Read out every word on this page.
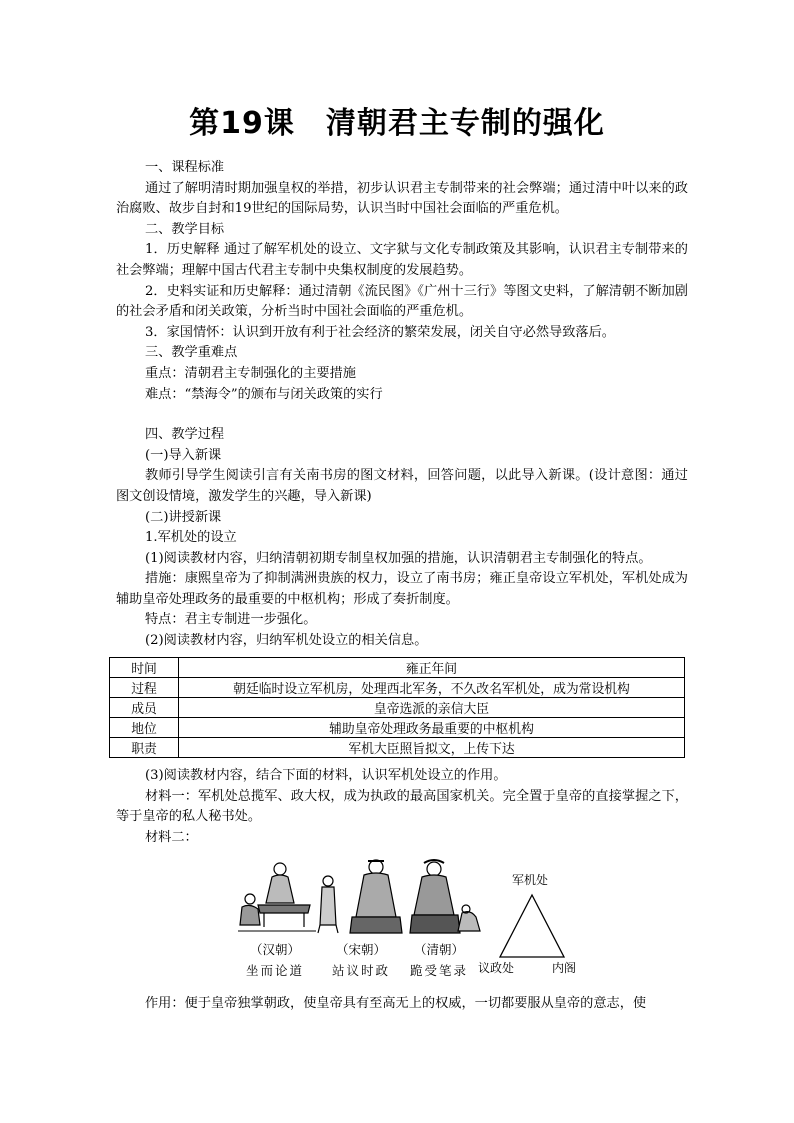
第19课　清朝君主专制的强化

一、课程标准

通过了解明清时期加强皇权的举措，初步认识君主专制带来的社会弊端；通过清中叶以来的政治腐败、故步自封和19世纪的国际局势，认识当时中国社会面临的严重危机。

二、教学目标

1．历史解释 通过了解军机处的设立、文字狱与文化专制政策及其影响，认识君主专制带来的社会弊端；理解中国古代君主专制中央集权制度的发展趋势。

2．史料实证和历史解释：通过清朝《流民图》《广州十三行》等图文史料，了解清朝不断加剧的社会矛盾和闭关政策，分析当时中国社会面临的严重危机。

3．家国情怀：认识到开放有利于社会经济的繁荣发展，闭关自守必然导致落后。

三、教学重难点

重点：清朝君主专制强化的主要措施

难点：“禁海令”的颁布与闭关政策的实行

四、教学过程

(一)导入新课

教师引导学生阅读引言有关南书房的图文材料，回答问题，以此导入新课。(设计意图：通过图文创设情境，激发学生的兴趣，导入新课)

(二)讲授新课

1.军机处的设立

(1)阅读教材内容，归纳清朝初期专制皇权加强的措施，认识清朝君主专制强化的特点。

措施：康熙皇帝为了抑制满洲贵族的权力，设立了南书房；雍正皇帝设立军机处，军机处成为辅助皇帝处理政务的最重要的中枢机构；形成了奏折制度。

特点：君主专制进一步强化。

(2)阅读教材内容，归纳军机处设立的相关信息。

时间	雍正年间
过程	朝廷临时设立军机房，处理西北军务，不久改名军机处，成为常设机构
成员	皇帝选派的亲信大臣
地位	辅助皇帝处理政务最重要的中枢机构
职责	军机大臣照旨拟文，上传下达

(3)阅读教材内容，结合下面的材料，认识军机处设立的作用。

材料一：军机处总揽军、政大权，成为执政的最高国家机关。完全置于皇帝的直接掌握之下，等于皇帝的私人秘书处。

材料二：

（汉朝）	（宋朝） （清朝）
坐而论道 站议时政 跪受笔录
军机处
议政处	内阁

作用：便于皇帝独掌朝政，使皇帝具有至高无上的权威，一切都要服从皇帝的意志，使
